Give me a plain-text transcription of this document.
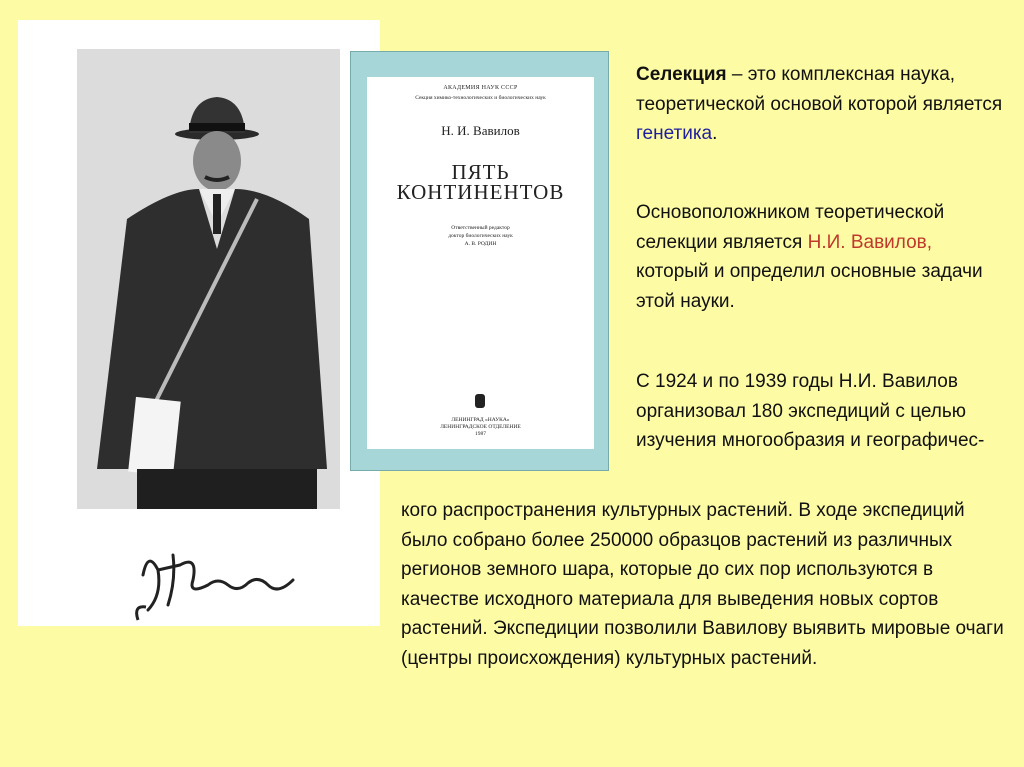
АКАДЕМИЯ НАУК СССР
Секция химико-технологических и биологических наук
Н. И. Вавилов
ПЯТЬ
КОНТИНЕНТОВ
Ответственный редактор
доктор биологических наук
А. В. РОДИН
ЛЕНИНГРАД «НАУКА»
ЛЕНИНГРАДСКОЕ ОТДЕЛЕНИЕ
1987

Селекция – это комплексная наука, теоретической основой которой является генетика.

Основоположником теоретической селекции является Н.И. Вавилов, который и определил основные задачи этой науки.

С 1924 и по 1939 годы Н.И. Вавилов организовал 180 экспедиций с целью изучения многообразия и географичес-

кого распространения культурных растений. В ходе экспедиций было собрано более 250000 образцов растений из различных регионов земного шара, которые до сих пор используются в качестве исходного материала для выведения новых сортов растений. Экспедиции позволили Вавилову выявить мировые очаги (центры происхождения) культурных растений.
